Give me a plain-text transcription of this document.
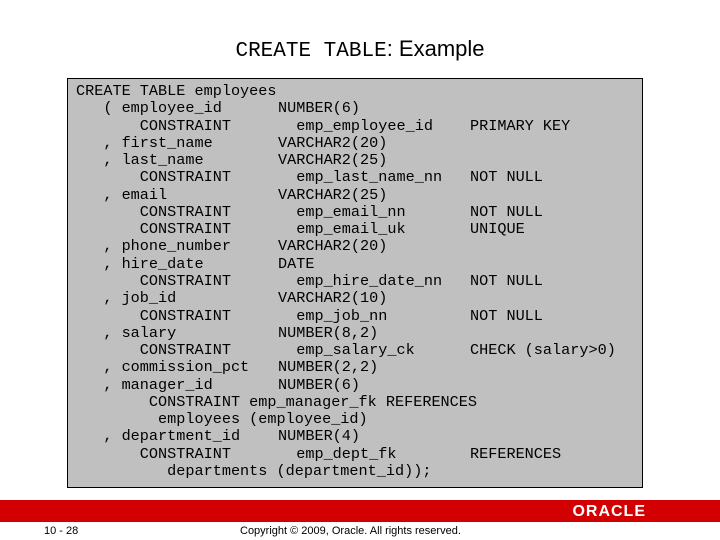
CREATE TABLE: Example
CREATE TABLE employees
( employee_id	NUMBER(6)
CONSTRAINT	emp_employee_id PRIMARY KEY
, first_name	VARCHAR2(20)
, last_name	VARCHAR2(25)
CONSTRAINT	emp_last_name_nn NOT NULL
, email	VARCHAR2(25)
CONSTRAINT	emp_email_nn	NOT NULL
CONSTRAINT	emp_email_uk	UNIQUE
, phone_number	VARCHAR2(20)
, hire_date	DATE
CONSTRAINT	emp_hire_date_nn NOT NULL
, job_id	VARCHAR2(10)
CONSTRAINT	emp_job_nn	NOT NULL
, salary	NUMBER(8,2)
CONSTRAINT	emp_salary_ck	CHECK (salary>0)
, commission_pct NUMBER(2,2)
, manager_id	NUMBER(6)
CONSTRAINT emp_manager_fk REFERENCES
employees (employee_id)
, department_id NUMBER(4)
CONSTRAINT	emp_dept_fk	REFERENCES
departments (department_id));
ORACLE
10 - 28	Copyright © 2009, Oracle. All rights reserved.
